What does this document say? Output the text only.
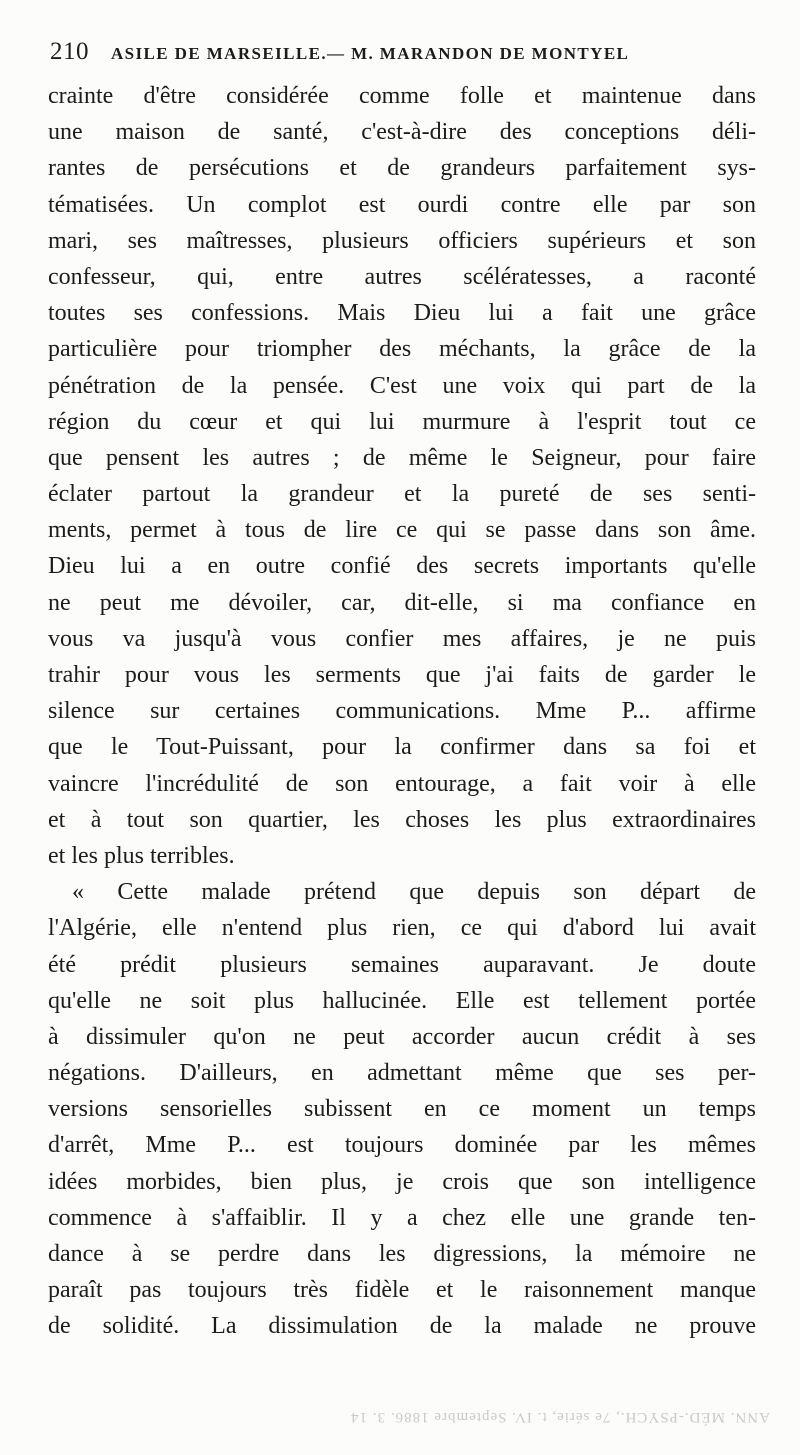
210 ASILE DE MARSEILLE.— M. MARANDON DE MONTYEL
crainte d'être considérée comme folle et maintenue dans
une maison de santé, c'est-à-dire des conceptions déli-
rantes de persécutions et de grandeurs parfaitement sys-
tématisées. Un complot est ourdi contre elle par son
mari, ses maîtresses, plusieurs officiers supérieurs et son
confesseur, qui, entre autres scélératesses, a raconté
toutes ses confessions. Mais Dieu lui a fait une grâce
particulière pour triompher des méchants, la grâce de la
pénétration de la pensée. C'est une voix qui part de la
région du cœur et qui lui murmure à l'esprit tout ce
que pensent les autres ; de même le Seigneur, pour faire
éclater partout la grandeur et la pureté de ses senti-
ments, permet à tous de lire ce qui se passe dans son âme.
Dieu lui a en outre confié des secrets importants qu'elle
ne peut me dévoiler, car, dit-elle, si ma confiance en
vous va jusqu'à vous confier mes affaires, je ne puis
trahir pour vous les serments que j'ai faits de garder le
silence sur certaines communications. Mme P... affirme
que le Tout-Puissant, pour la confirmer dans sa foi et
vaincre l'incrédulité de son entourage, a fait voir à elle
et à tout son quartier, les choses les plus extraordinaires
et les plus terribles.
« Cette malade prétend que depuis son départ de
l'Algérie, elle n'entend plus rien, ce qui d'abord lui avait
été prédit plusieurs semaines auparavant. Je doute
qu'elle ne soit plus hallucinée. Elle est tellement portée
à dissimuler qu'on ne peut accorder aucun crédit à ses
négations. D'ailleurs, en admettant même que ses per-
versions sensorielles subissent en ce moment un temps
d'arrêt, Mme P... est toujours dominée par les mêmes
idées morbides, bien plus, je crois que son intelligence
commence à s'affaiblir. Il y a chez elle une grande ten-
dance à se perdre dans les digressions, la mémoire ne
paraît pas toujours très fidèle et le raisonnement manque
de solidité. La dissimulation de la malade ne prouve
ANN. MÉD.-PSYCH., 7e série, t. IV. Septembre 1886. 3. 14
